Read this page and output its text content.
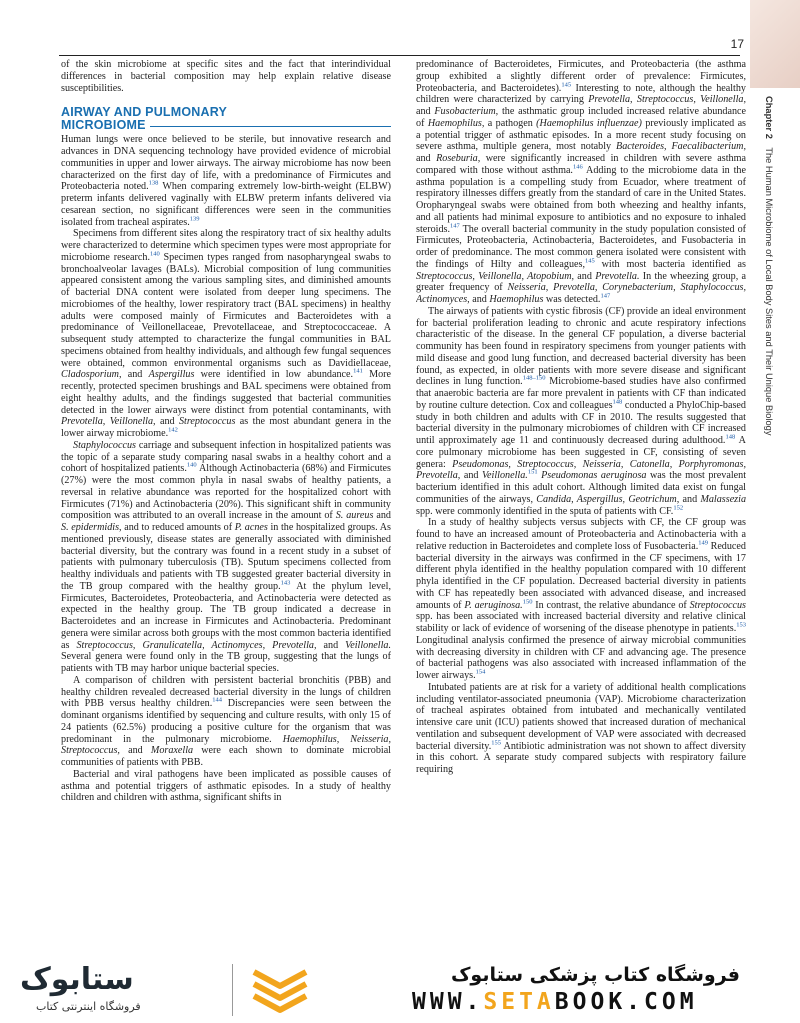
17
Chapter 2 The Human Microbiome of Local Body Sites and Their Unique Biology

of the skin microbiome at specific sites and the fact that interindividual differences in bacterial composition may help explain relative disease susceptibilities.

AIRWAY AND PULMONARY
MICROBIOME

Human lungs were once believed to be sterile, but innovative research and advances in DNA sequencing technology have provided evidence of microbial communities in upper and lower airways. The airway microbiome has now been characterized on the first day of life, with a predominance of Firmicutes and Proteobacteria noted.$^{138}$ When comparing extremely low-birth-weight (ELBW) preterm infants delivered vaginally with ELBW preterm infants delivered via cesarean section, no significant differences were seen in the communities isolated from tracheal aspirates.$^{139}$

Specimens from different sites along the respiratory tract of six healthy adults were characterized to determine which specimen types were most appropriate for microbiome research.$^{140}$ Specimen types ranged from nasopharyngeal swabs to bronchoalveolar lavages (BALs). Microbial composition of lung communities appeared consistent among the various sampling sites, and diminished amounts of bacterial DNA content were isolated from deeper lung specimens. The microbiomes of the healthy, lower respiratory tract (BAL specimens) in healthy adults were composed mainly of Firmicutes and Bacteroidetes with a predominance of Veillonellaceae, Prevotellaceae, and Streptococcaceae. A subsequent study attempted to characterize the fungal communities in BAL specimens obtained from healthy individuals, and although few fungal sequences were obtained, common environmental organisms such as Davidiellaceae, Cladosporium, and Aspergillus were identified in low abundance.$^{141}$ More recently, protected specimen brushings and BAL specimens were obtained from eight healthy adults, and the findings suggested that bacterial communities detected in the lower airways were distinct from potential contaminants, with Prevotella, Veillonella, and Streptococcus as the most abundant genera in the lower airway microbiome.$^{142}$

Staphylococcus carriage and subsequent infection in hospitalized patients was the topic of a separate study comparing nasal swabs in a healthy cohort and a cohort of hospitalized patients.$^{140}$ Although Actinobacteria (68%) and Firmicutes (27%) were the most common phyla in nasal swabs of healthy patients, a reversal in relative abundance was reported for the hospitalized cohort with Firmicutes (71%) and Actinobacteria (20%). This significant shift in community composition was attributed to an overall increase in the amount of S. aureus and S. epidermidis, and to reduced amounts of P. acnes in the hospitalized groups. As mentioned previously, disease states are generally associated with diminished bacterial diversity, but the contrary was found in a recent study in a subset of patients with pulmonary tuberculosis (TB). Sputum specimens collected from healthy individuals and patients with TB suggested greater bacterial diversity in the TB group compared with the healthy group.$^{143}$ At the phylum level, Firmicutes, Bacteroidetes, Proteobacteria, and Actinobacteria were detected as expected in the healthy group. The TB group indicated a decrease in Bacteroidetes and an increase in Firmicutes and Actinobacteria. Predominant genera were similar across both groups with the most common bacteria identified as Streptococcus, Granulicatella, Actinomyces, Prevotella, and Veillonella. Several genera were found only in the TB group, suggesting that the lungs of patients with TB may harbor unique bacterial species.

A comparison of children with persistent bacterial bronchitis (PBB) and healthy children revealed decreased bacterial diversity in the lungs of children with PBB versus healthy children.$^{144}$ Discrepancies were seen between the dominant organisms identified by sequencing and culture results, with only 15 of 24 patients (62.5%) producing a positive culture for the organism that was predominant in the pulmonary microbiome. Haemophilus, Neisseria, Streptococcus, and Moraxella were each shown to dominate microbial communities of patients with PBB.

Bacterial and viral pathogens have been implicated as possible causes of asthma and potential triggers of asthmatic episodes. In a study of healthy children and children with asthma, significant shifts in

predominance of Bacteroidetes, Firmicutes, and Proteobacteria (the asthma group exhibited a slightly different order of prevalence: Firmicutes, Proteobacteria, and Bacteroidetes).$^{145}$ Interesting to note, although the healthy children were characterized by carrying Prevotella, Streptococcus, Veillonella, and Fusobacterium, the asthmatic group included increased relative abundance of Haemophilus, a pathogen (Haemophilus influenzae) previously implicated as a potential trigger of asthmatic episodes. In a more recent study focusing on severe asthma, multiple genera, most notably Bacteroides, Faecalibacterium, and Roseburia, were significantly increased in children with severe asthma compared with those without asthma.$^{146}$ Adding to the microbiome data in the asthma population is a compelling study from Ecuador, where treatment of respiratory illnesses differs greatly from the standard of care in the United States. Oropharyngeal swabs were obtained from both wheezing and healthy infants, and all patients had minimal exposure to antibiotics and no exposure to inhaled steroids.$^{147}$ The overall bacterial community in the study population consisted of Firmicutes, Proteobacteria, Actinobacteria, Bacteroidetes, and Fusobacteria in order of predominance. The most common genera isolated were consistent with the findings of Hilty and colleagues,$^{145}$ with most bacteria identified as Streptococcus, Veillonella, Atopobium, and Prevotella. In the wheezing group, a greater frequency of Neisseria, Prevotella, Corynebacterium, Staphylococcus, Actinomyces, and Haemophilus was detected.$^{147}$

The airways of patients with cystic fibrosis (CF) provide an ideal environment for bacterial proliferation leading to chronic and acute respiratory infections characteristic of the disease. In the general CF population, a diverse bacterial community has been found in respiratory specimens from younger patients with mild disease and good lung function, and decreased bacterial diversity has been found, as expected, in older patients with more severe disease and significant declines in lung function.$^{148-150}$ Microbiome-based studies have also confirmed that anaerobic bacteria are far more prevalent in patients with CF than indicated by routine culture detection. Cox and colleagues$^{148}$ conducted a PhyloChip-based study in both children and adults with CF in 2010. The results suggested that bacterial diversity in the pulmonary microbiomes of children with CF increased until approximately age 11 and continuously decreased during adulthood.$^{148}$ A core pulmonary microbiome has been suggested in CF, consisting of seven genera: Pseudomonas, Streptococcus, Neisseria, Catonella, Porphyromonas, Prevotella, and Veillonella.$^{151}$ Pseudomonas aeruginosa was the most prevalent bacterium identified in this adult cohort. Although limited data exist on fungal communities of the airways, Candida, Aspergillus, Geotrichum, and Malassezia spp. were commonly identified in the sputa of patients with CF.$^{152}$

In a study of healthy subjects versus subjects with CF, the CF group was found to have an increased amount of Proteobacteria and Actinobacteria with a relative reduction in Bacteroidetes and complete loss of Fusobacteria.$^{149}$ Reduced bacterial diversity in the airways was confirmed in the CF specimens, with 17 different phyla identified in the healthy population compared with 10 different phyla identified in the CF population. Decreased bacterial diversity in patients with CF has repeatedly been associated with advanced disease, and increased amounts of P. aeruginosa.$^{150}$ In contrast, the relative abundance of Streptococcus spp. has been associated with increased bacterial diversity and relative clinical stability or lack of evidence of worsening of the disease phenotype in patients.$^{153}$ Longitudinal analysis confirmed the presence of airway microbial communities with decreasing diversity in children with CF and advancing age. The presence of bacterial pathogens was also associated with increased inflammation of the lower airways.$^{154}$

Intubated patients are at risk for a variety of additional health complications including ventilator-associated pneumonia (VAP). Microbiome characterization of tracheal aspirates obtained from intubated and mechanically ventilated intensive care unit (ICU) patients showed that increased duration of mechanical ventilation and subsequent development of VAP were associated with decreased bacterial diversity.$^{155}$ Antibiotic administration was not shown to affect diversity in this cohort. A separate study compared subjects with respiratory failure requiring

ستابوک
فروشگاه اینترنتی کتاب
فروشگاه کتاب پزشکی ستابوک
WWW.SETABOOK.COM
